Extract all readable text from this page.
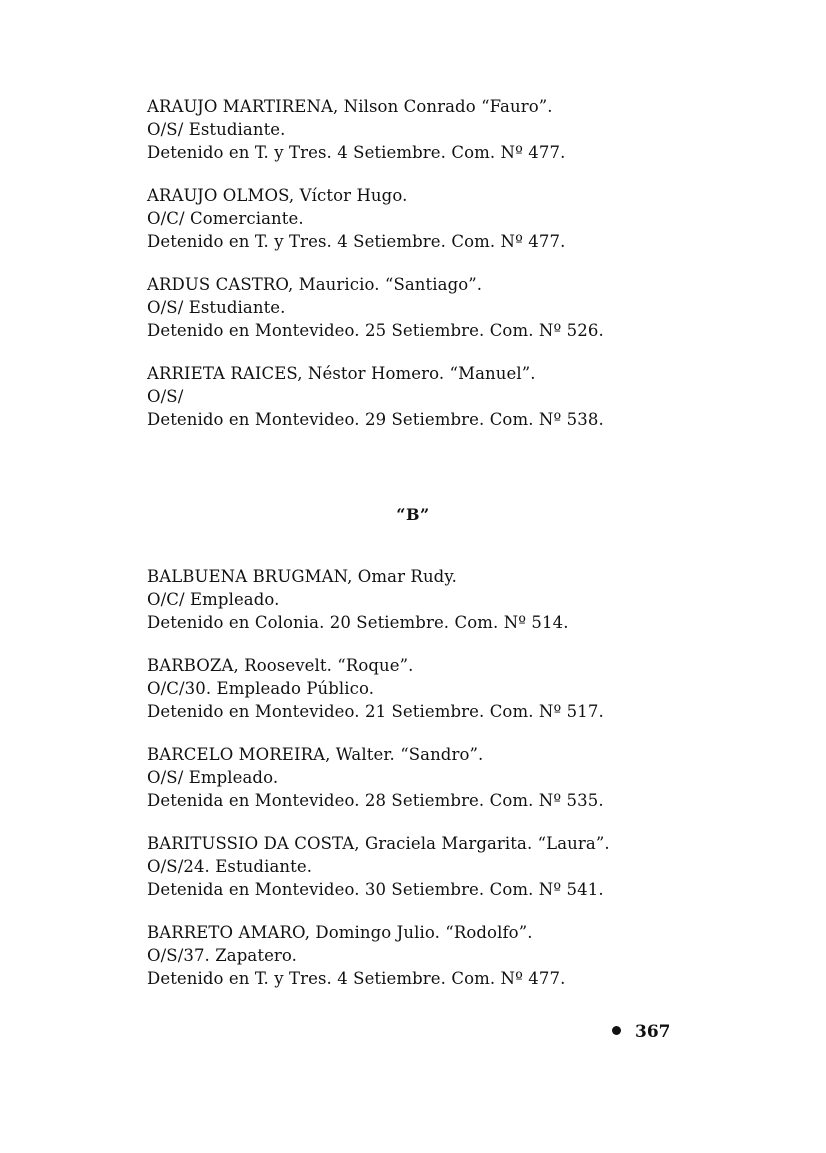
ARAUJO MARTIRENA, Nilson Conrado “Fauro”.
O/S/ Estudiante.
Detenido en T. y Tres. 4 Setiembre. Com. Nº 477.
ARAUJO OLMOS, Víctor Hugo.
O/C/ Comerciante.
Detenido en T. y Tres. 4 Setiembre. Com. Nº 477.
ARDUS CASTRO, Mauricio. “Santiago”.
O/S/ Estudiante.
Detenido en Montevideo. 25 Setiembre. Com. Nº 526.
ARRIETA RAICES, Néstor Homero. “Manuel”.
O/S/
Detenido en Montevideo. 29 Setiembre. Com. Nº 538.
“B”
BALBUENA BRUGMAN, Omar Rudy.
O/C/ Empleado.
Detenido en Colonia. 20 Setiembre. Com. Nº 514.
BARBOZA, Roosevelt. “Roque”.
O/C/30. Empleado Público.
Detenido en Montevideo. 21 Setiembre. Com. Nº 517.
BARCELO MOREIRA, Walter. “Sandro”.
O/S/ Empleado.
Detenida en Montevideo. 28 Setiembre. Com. Nº 535.
BARITUSSIO DA COSTA, Graciela Margarita. “Laura”.
O/S/24. Estudiante.
Detenida en Montevideo. 30 Setiembre. Com. Nº 541.
BARRETO AMARO, Domingo Julio. “Rodolfo”.
O/S/37. Zapatero.
Detenido en T. y Tres. 4 Setiembre. Com. Nº 477.
367
